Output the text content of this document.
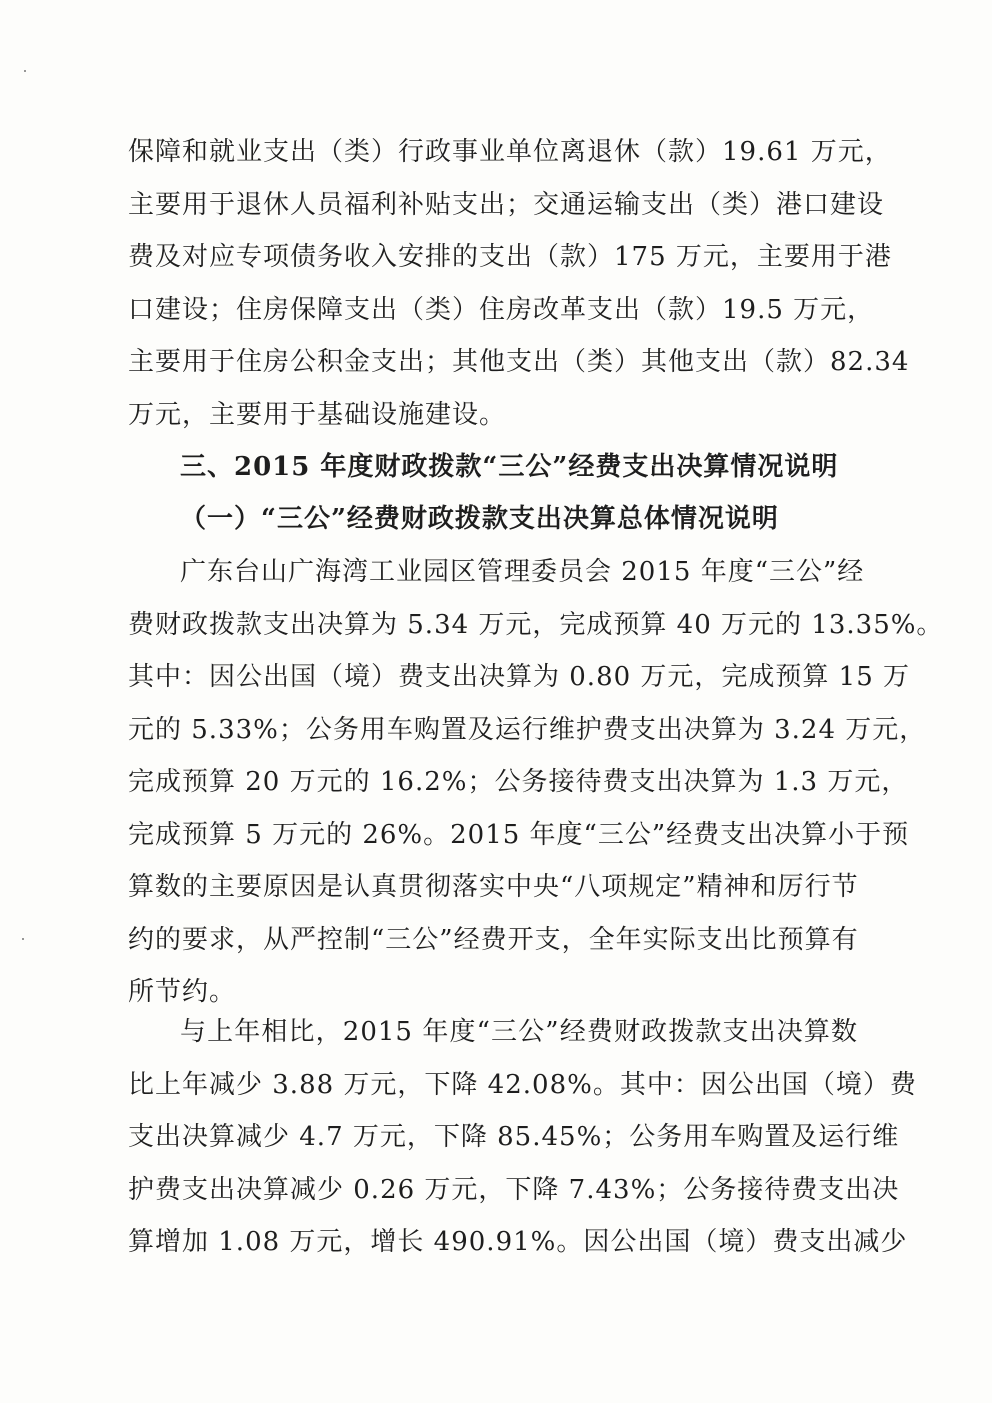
保障和就业支出（类）行政事业单位离退休（款）19.61 万元，
主要用于退休人员福利补贴支出；交通运输支出（类）港口建设
费及对应专项债务收入安排的支出（款）175 万元，主要用于港
口建设；住房保障支出（类）住房改革支出（款）19.5 万元，
主要用于住房公积金支出；其他支出（类）其他支出（款）82.34
万元，主要用于基础设施建设。
三、2015 年度财政拨款“三公”经费支出决算情况说明
（一）“三公”经费财政拨款支出决算总体情况说明
广东台山广海湾工业园区管理委员会 2015 年度“三公”经
费财政拨款支出决算为 5.34 万元，完成预算 40 万元的 13.35%。
其中：因公出国（境）费支出决算为 0.80 万元，完成预算 15 万
元的 5.33%；公务用车购置及运行维护费支出决算为 3.24 万元，
完成预算 20 万元的 16.2%；公务接待费支出决算为 1.3 万元，
完成预算 5 万元的 26%。2015 年度“三公”经费支出决算小于预
算数的主要原因是认真贯彻落实中央“八项规定”精神和厉行节
约的要求，从严控制“三公”经费开支，全年实际支出比预算有
所节约。
与上年相比，2015 年度“三公”经费财政拨款支出决算数
比上年减少 3.88 万元，下降 42.08%。其中：因公出国（境）费
支出决算减少 4.7 万元，下降 85.45%；公务用车购置及运行维
护费支出决算减少 0.26 万元，下降 7.43%；公务接待费支出决
算增加 1.08 万元，增长 490.91%。因公出国（境）费支出减少
